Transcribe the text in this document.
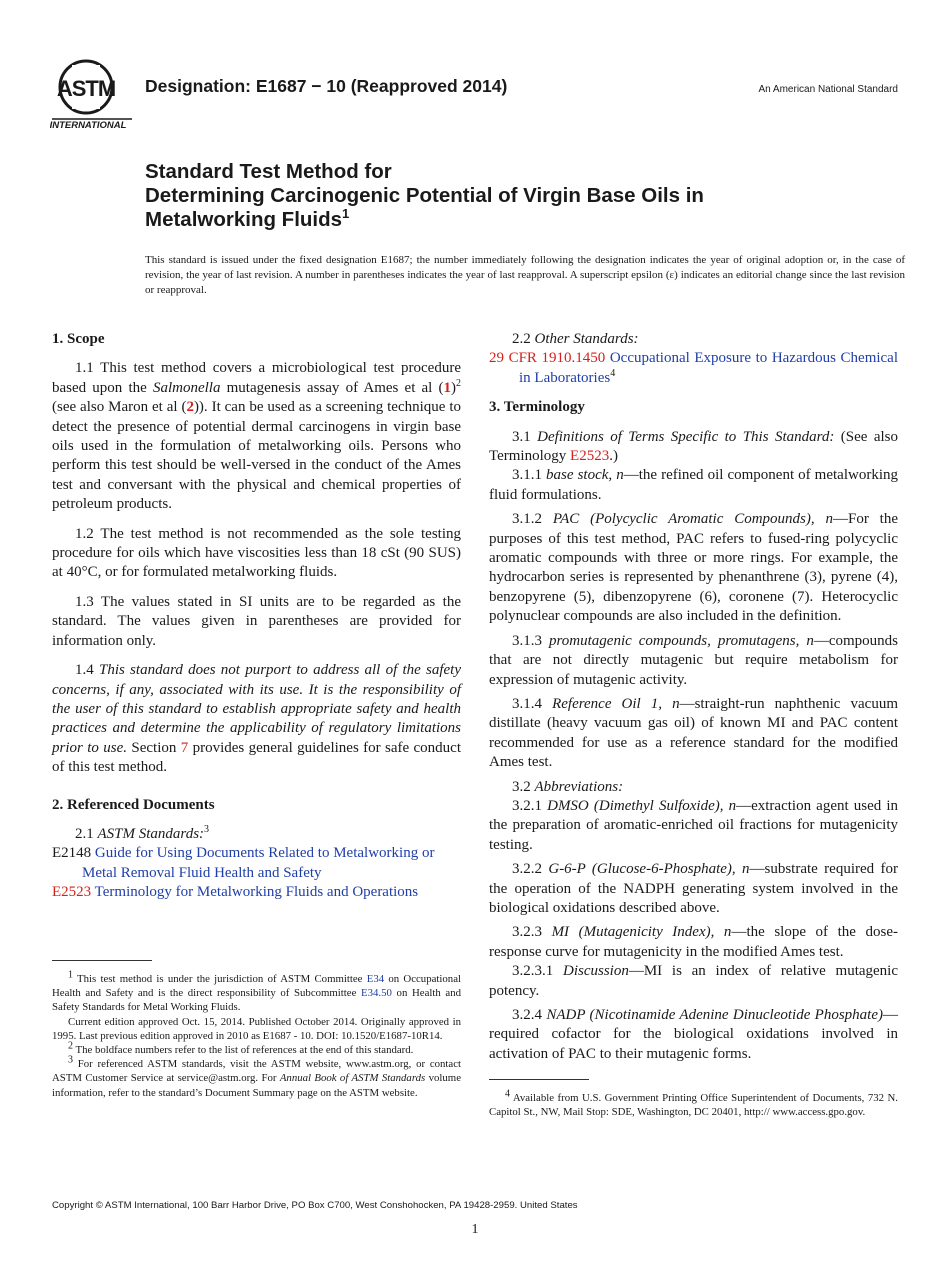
ASTM
INTERNATIONAL
Designation: E1687 − 10 (Reapproved 2014)	An American National Standard
Standard Test Method for
Determining Carcinogenic Potential of Virgin Base Oils in
Metalworking Fluids$^1$
This standard is issued under the fixed designation E1687; the number immediately following the designation indicates the year of original adoption or, in the case of revision, the year of last revision. A number in parentheses indicates the year of last reapproval. A superscript epsilon (ε) indicates an editorial change since the last revision or reapproval.
1. Scope

1.1 This test method covers a microbiological test procedure based upon the Salmonella mutagenesis assay of Ames et al $(1)^2$ (see also Maron et al (2)). It can be used as a screening technique to detect the presence of potential dermal carcinogens in virgin base oils used in the formulation of metalworking oils. Persons who perform this test should be well-versed in the conduct of the Ames test and conversant with the physical and chemical properties of petroleum products.

1.2 The test method is not recommended as the sole testing procedure for oils which have viscosities less than 18 cSt (90 SUS) at 40°C, or for formulated metalworking fluids.

1.3 The values stated in SI units are to be regarded as the standard. The values given in parentheses are provided for information only.

1.4 This standard does not purport to address all of the safety concerns, if any, associated with its use. It is the responsibility of the user of this standard to establish appropriate safety and health practices and determine the applicability of regulatory limitations prior to use. Section 7 provides general guidelines for safe conduct of this test method.

2. Referenced Documents

2.1 ASTM Standards:$^3$

E2148 Guide for Using Documents Related to Metalworking or Metal Removal Fluid Health and Safety

E2523 Terminology for Metalworking Fluids and Operations

$^1$ This test method is under the jurisdiction of ASTM Committee E34 on Occupational Health and Safety and is the direct responsibility of Subcommittee E34.50 on Health and Safety Standards for Metal Working Fluids.

Current edition approved Oct. 15, 2014. Published October 2014. Originally approved in 1995. Last previous edition approved in 2010 as E1687 - 10. DOI: 10.1520/E1687-10R14.

$^2$ The boldface numbers refer to the list of references at the end of this standard.

$^3$ For referenced ASTM standards, visit the ASTM website, www.astm.org, or contact ASTM Customer Service at service@astm.org. For Annual Book of ASTM Standards volume information, refer to the standard’s Document Summary page on the ASTM website.

2.2 Other Standards:

29 CFR 1910.1450 Occupational Exposure to Hazardous Chemical in Laboratories$^4$

3. Terminology

3.1 Definitions of Terms Specific to This Standard: (See also Terminology E2523.)

3.1.1 base stock, n—the refined oil component of metalworking fluid formulations.

3.1.2 PAC (Polycyclic Aromatic Compounds), n—For the purposes of this test method, PAC refers to fused-ring polycyclic aromatic compounds with three or more rings. For example, the hydrocarbon series is represented by phenanthrene (3), pyrene (4), benzopyrene (5), dibenzopyrene (6), coronene (7). Heterocyclic polynuclear compounds are also included in the definition.

3.1.3 promutagenic compounds, promutagens, n—compounds that are not directly mutagenic but require metabolism for expression of mutagenic activity.

3.1.4 Reference Oil 1, n—straight-run naphthenic vacuum distillate (heavy vacuum gas oil) of known MI and PAC content recommended for use as a reference standard for the modified Ames test.

3.2 Abbreviations:

3.2.1 DMSO (Dimethyl Sulfoxide), n—extraction agent used in the preparation of aromatic-enriched oil fractions for mutagenicity testing.

3.2.2 G-6-P (Glucose-6-Phosphate), n—substrate required for the operation of the NADPH generating system involved in the biological oxidations described above.

3.2.3 MI (Mutagenicity Index), n—the slope of the dose-response curve for mutagenicity in the modified Ames test.

3.2.3.1 Discussion—MI is an index of relative mutagenic potency.

3.2.4 NADP (Nicotinamide Adenine Dinucleotide Phosphate)—required cofactor for the biological oxidations involved in activation of PAC to their mutagenic forms.

$^4$ Available from U.S. Government Printing Office Superintendent of Documents, 732 N. Capitol St., NW, Mail Stop: SDE, Washington, DC 20401, http:// www.access.gpo.gov.

Copyright © ASTM International, 100 Barr Harbor Drive, PO Box C700, West Conshohocken, PA 19428-2959. United States
1
